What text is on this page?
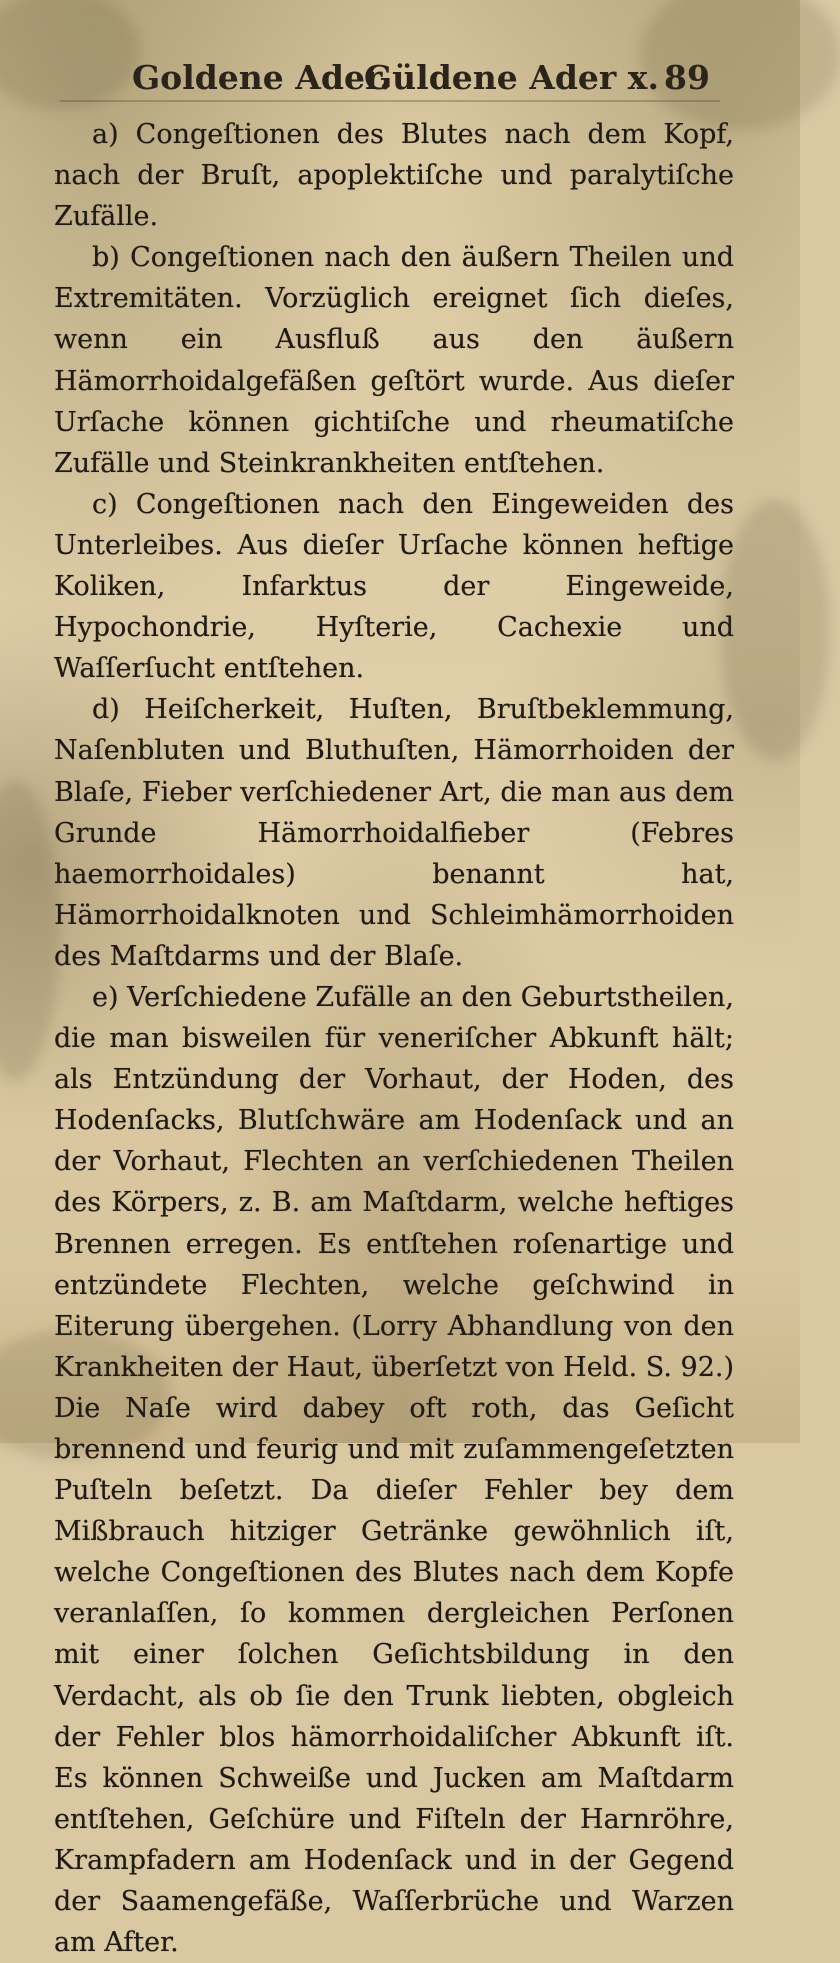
Goldene Ader.
Güldene Ader x. 89

a) Congeſtionen des Blutes nach dem Kopf, nach der Bruſt, apoplektiſche und paralytiſche Zufälle.

b) Congeſtionen nach den äußern Theilen und Extremitäten. Vorzüglich ereignet ſich dieſes, wenn ein Ausfluß aus den äußern Hämorrhoidalgefäßen geſtört wurde. Aus dieſer Urſache können gichtiſche und rheumatiſche Zufälle und Steinkrankheiten entſtehen.

c) Congeſtionen nach den Eingeweiden des Unterleibes. Aus dieſer Urſache können heftige Koliken, Infarktus der Eingeweide, Hypochondrie, Hyſterie, Cachexie und Waſſerſucht entſtehen.

d) Heiſcherkeit, Huſten, Bruſtbeklemmung, Naſenbluten und Bluthuſten, Hämorrhoiden der Blaſe, Fieber verſchiedener Art, die man aus dem Grunde Hämorrhoidalfieber (Febres haemorrhoidales) benannt hat, Hämorrhoidalknoten und Schleimhämorrhoiden des Maſtdarms und der Blaſe.

e) Verſchiedene Zufälle an den Geburtstheilen, die man bisweilen für veneriſcher Abkunft hält; als Entzündung der Vorhaut, der Hoden, des Hodenſacks, Blutſchwäre am Hodenſack und an der Vorhaut, Flechten an verſchiedenen Theilen des Körpers, z. B. am Maſtdarm, welche heftiges Brennen erregen. Es entſtehen roſenartige und entzündete Flechten, welche geſchwind in Eiterung übergehen. (Lorry Abhandlung von den Krankheiten der Haut, überſetzt von Held. S. 92.) Die Naſe wird dabey oft roth, das Geſicht brennend und feurig und mit zuſammengeſetzten Puſteln beſetzt. Da dieſer Fehler bey dem Mißbrauch hitziger Getränke gewöhnlich iſt, welche Congeſtionen des Blutes nach dem Kopfe veranlaſſen, ſo kommen dergleichen Perſonen mit einer ſolchen Geſichtsbildung in den Verdacht, als ob ſie den Trunk liebten, obgleich der Fehler blos hämorrhoidaliſcher Abkunft iſt. Es können Schweiße und Jucken am Maſtdarm entſtehen, Geſchüre und Fiſteln der Harnröhre, Krampfadern am Hodenſack und in der Gegend der Saamengefäße, Waſſerbrüche und Warzen am After.
